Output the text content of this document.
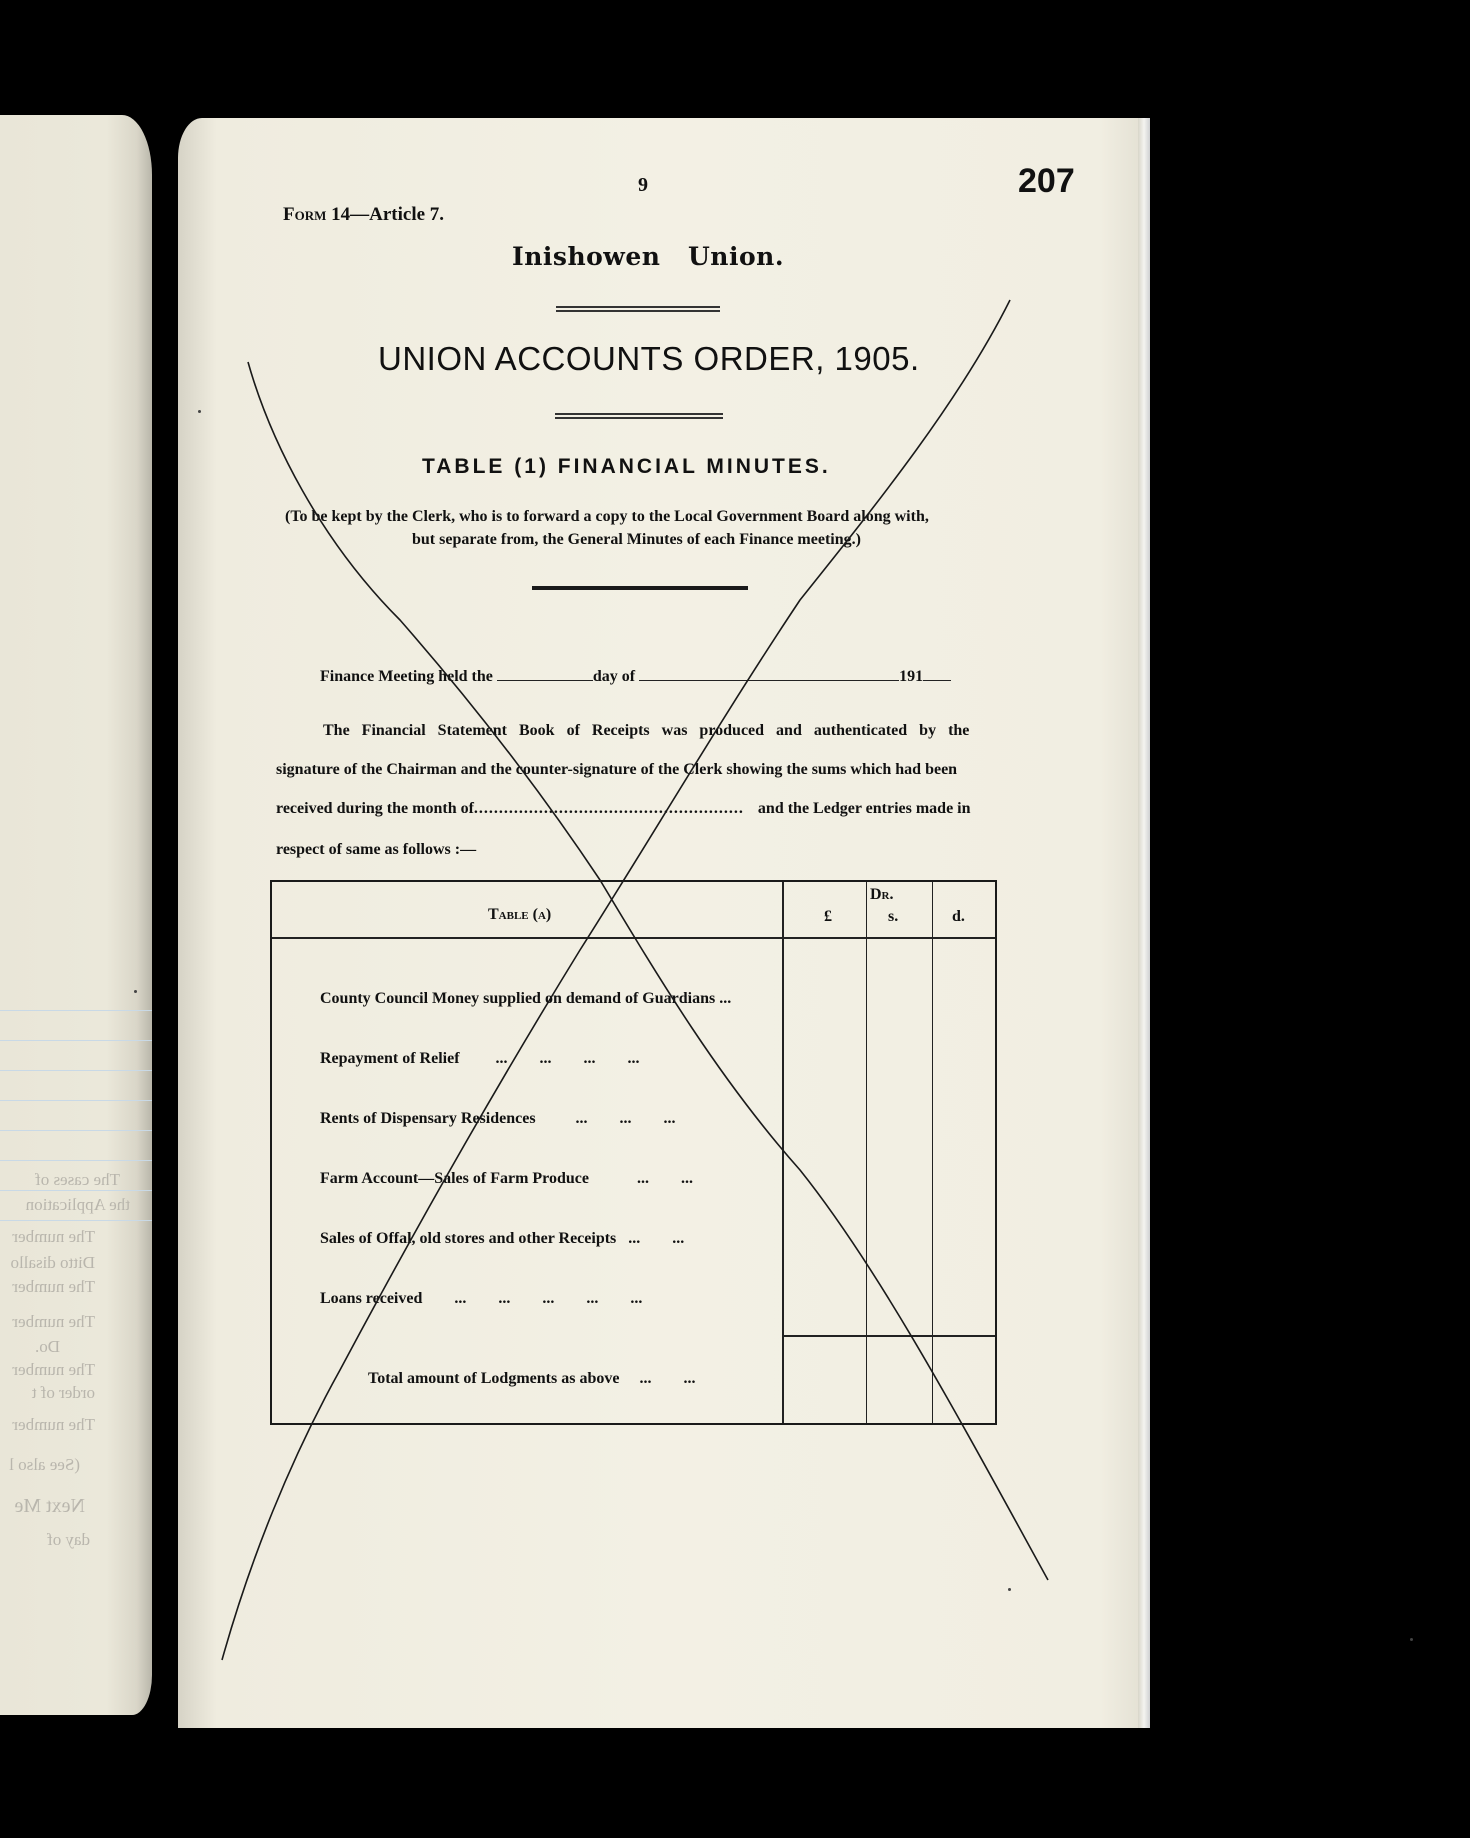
The cases of
the Application
The number
Ditto disallo
The number
The number
Do.
The number
order of t
The number
(See also l
Next Me
day of
9	207
Form 14—Article 7.
Inishowen   Union.
UNION ACCOUNTS ORDER, 1905.
TABLE (1) FINANCIAL MINUTES.
(To be kept by the Clerk, who is to forward a copy to the Local Government Board along with,
but separate from, the General Minutes of each Finance meeting.)
Finance Meeting held the	day of	191
The Financial Statement Book of Receipts was produced and authenticated by the
signature of the Chairman and the counter-signature of the Clerk showing the sums which had been
received during the month of...................................................... and the Ledger entries made in
respect of same as follows :—
Table (a)
Dr.
£	s.	d.
County Council Money supplied on demand of Guardians ...
Repayment of Relief ...        ...        ...        ...
Rents of Dispensary Residences	...        ...        ...
Farm Account—Sales of Farm Produce	...        ...
Sales of Offal, old stores and other Receipts ...        ...
Loans received ...        ...        ...        ...        ...
Total amount of Lodgments as above ...        ...
